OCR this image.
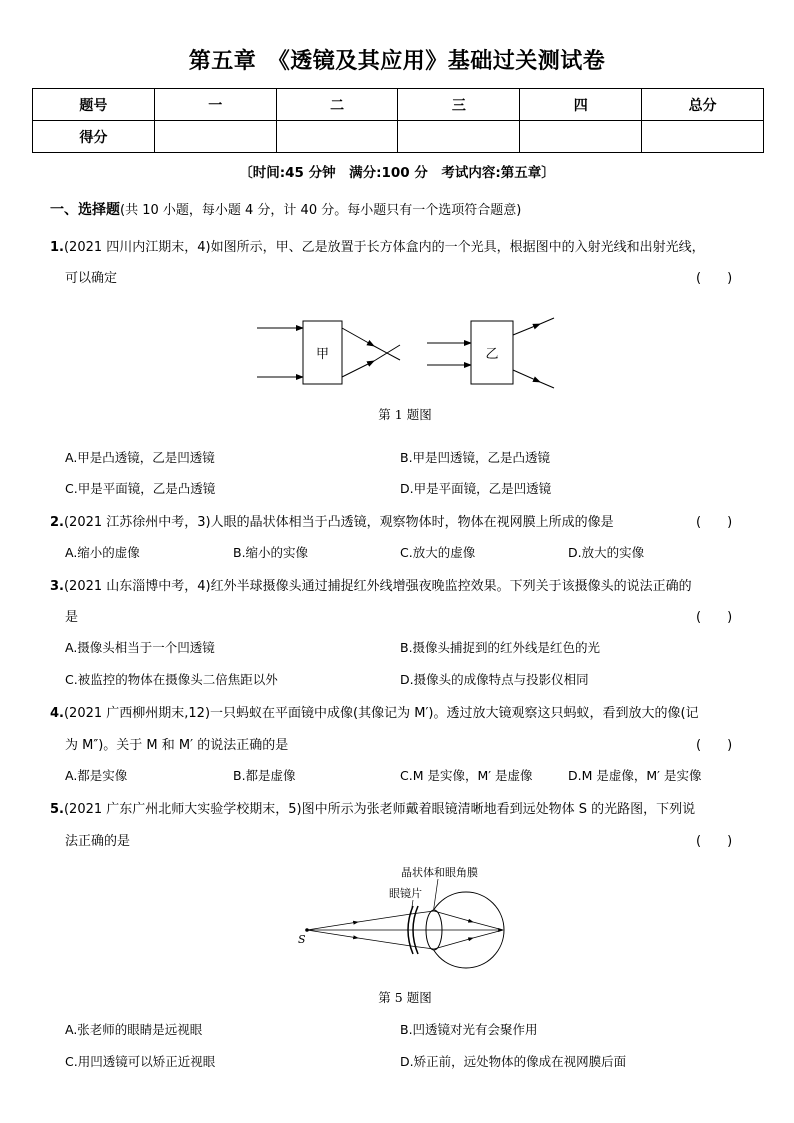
第五章　《透镜及其应用》基础过关测试卷
题号	一	二	三	四	总分
得分					
〔时间:45 分钟　满分:100 分　考试内容:第五章〕
一、选择题(共 10 小题，每小题 4 分，计 40 分。每小题只有一个选项符合题意)
1.(2021 四川内江期末，4)如图所示，甲、乙是放置于长方体盒内的一个光具，根据图中的入射光线和出射光线，
可以确定	(　　)
甲	乙
第 1 题图
A.甲是凸透镜，乙是凹透镜	B.甲是凹透镜，乙是凸透镜
C.甲是平面镜，乙是凸透镜	D.甲是平面镜，乙是凹透镜
2.(2021 江苏徐州中考，3)人眼的晶状体相当于凸透镜，观察物体时，物体在视网膜上所成的像是	(　　)
A.缩小的虚像	B.缩小的实像	C.放大的虚像	D.放大的实像
3.(2021 山东淄博中考，4)红外半球摄像头通过捕捉红外线增强夜晚监控效果。下列关于该摄像头的说法正确的
是	(　　)
A.摄像头相当于一个凹透镜	B.摄像头捕捉到的红外线是红色的光
C.被监控的物体在摄像头二倍焦距以外	D.摄像头的成像特点与投影仪相同
4.(2021 广西柳州期末,12)一只蚂蚁在平面镜中成像(其像记为 M′)。透过放大镜观察这只蚂蚁，看到放大的像(记
为 M″)。关于 M 和 M′ 的说法正确的是	(　　)
A.都是实像	B.都是虚像	C.M 是实像，M′ 是虚像	D.M 是虚像，M′ 是实像
5.(2021 广东广州北师大实验学校期末，5)图中所示为张老师戴着眼镜清晰地看到远处物体 S 的光路图，下列说
法正确的是	(　　)
晶状体和眼角膜
眼镜片
S
第 5 题图
A.张老师的眼睛是远视眼	B.凹透镜对光有会聚作用
C.用凹透镜可以矫正近视眼	D.矫正前，远处物体的像成在视网膜后面
